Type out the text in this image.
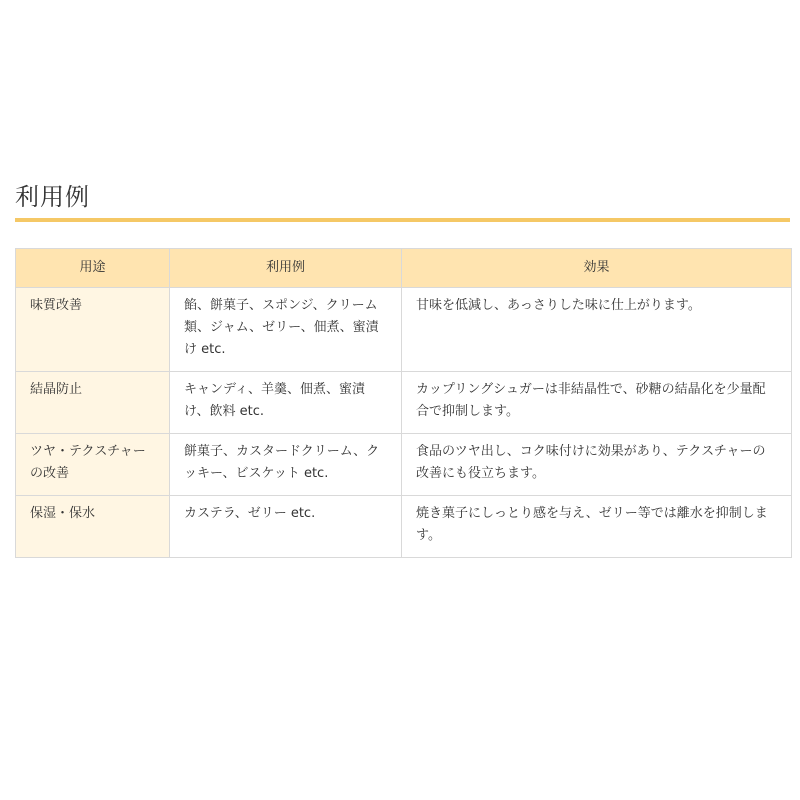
利用例
用途	利用例	効果
味質改善	餡、餅菓子、スポンジ、クリーム類、ジャム、ゼリー、佃煮、蜜漬け etc.	甘味を低減し、あっさりした味に仕上がります。
結晶防止	キャンディ、羊羹、佃煮、蜜漬け、飲料 etc.	カップリングシュガーは非結晶性で、砂糖の結晶化を少量配合で抑制します。
ツヤ・テクスチャーの改善	餅菓子、カスタードクリーム、クッキー、ビスケット etc.	食品のツヤ出し、コク味付けに効果があり、テクスチャーの改善にも役立ちます。
保湿・保水	カステラ、ゼリー etc.	焼き菓子にしっとり感を与え、ゼリー等では離水を抑制します。
